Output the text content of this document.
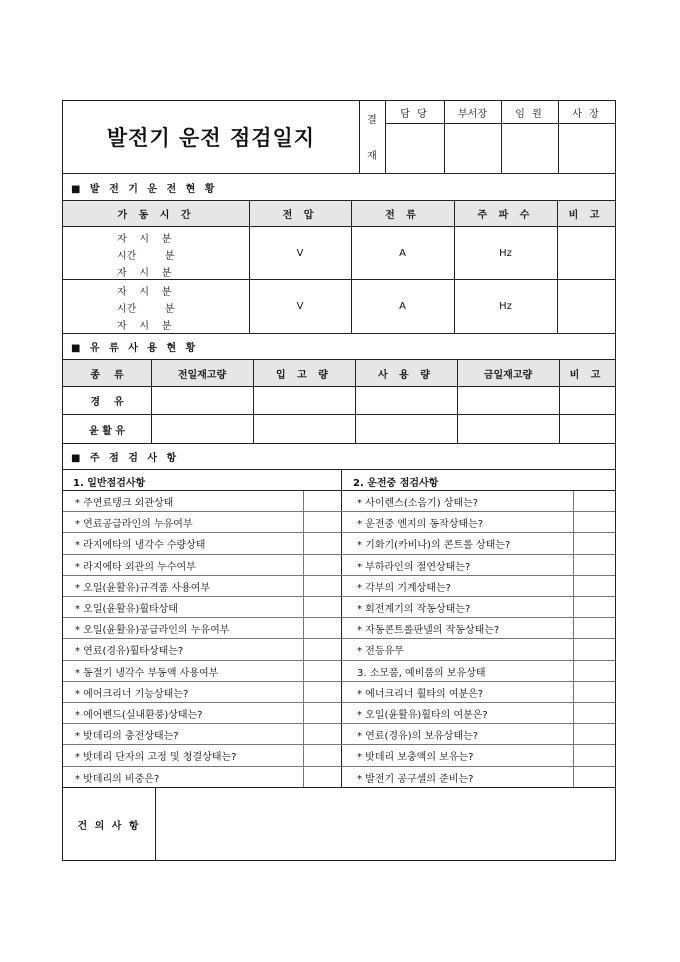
발전기 운전 점검일지
결
재
담 당	부서장	임 원	사 장
■ 발 전 기 운 전 현 황
가 동 시 간	전 압	전 류	주 파 수	비 고
자    시    분
시간         분
자    시    분
V	A	Hz
자    시    분
시간         분
자    시    분
V	A	Hz
■ 유 류 사 용 현 황
종    류	전일재고량	입 고 량	사 용 량	금일재고량	비 고
경    유
윤 활 유
■ 주 점 검 사 항
1. 일반점검사항	2. 운전중 점검사항
* 주연료탱크 외관상태	* 사이렌스(소음기) 상태는?
* 연료공급라인의 누유여부	* 운전중 엔지의 동작상태는?
* 라지에타의 냉각수 수량상태	* 기화기(카비나)의 콘트롤 상태는?
* 라지에타 외관의 누수여부	* 부하라인의 절연상태는?
* 오일(윤활유)규격품 사용여부	* 각부의 기계상태는?
* 오일(윤활유)휠타상태	* 회전계기의 작동상태는?
* 오일(윤활유)공급라인의 누유여부	* 자동콘트롤판넬의 작동상태는?
* 연료(경유)휠타상태는?	* 전등유무
* 동절기 냉각수 부동액 사용여부	3. 소모품, 예비품의 보유상태
* 에어크리너 기능상태는?	* 에너크리너 휠타의 여분은?
* 에어벤드(실내환풍)상태는?	* 오일(윤활유)휠타의 여분은?
* 밧데리의 충전상태는?	* 연료(경유)의 보유상태는?
* 밧데리 단자의 고정 및 청결상태는?	* 밧데리 보충액의 보유는?
* 밧데리의 비중은?	* 발전기 공구셀의 준비는?
건 의 사 항
